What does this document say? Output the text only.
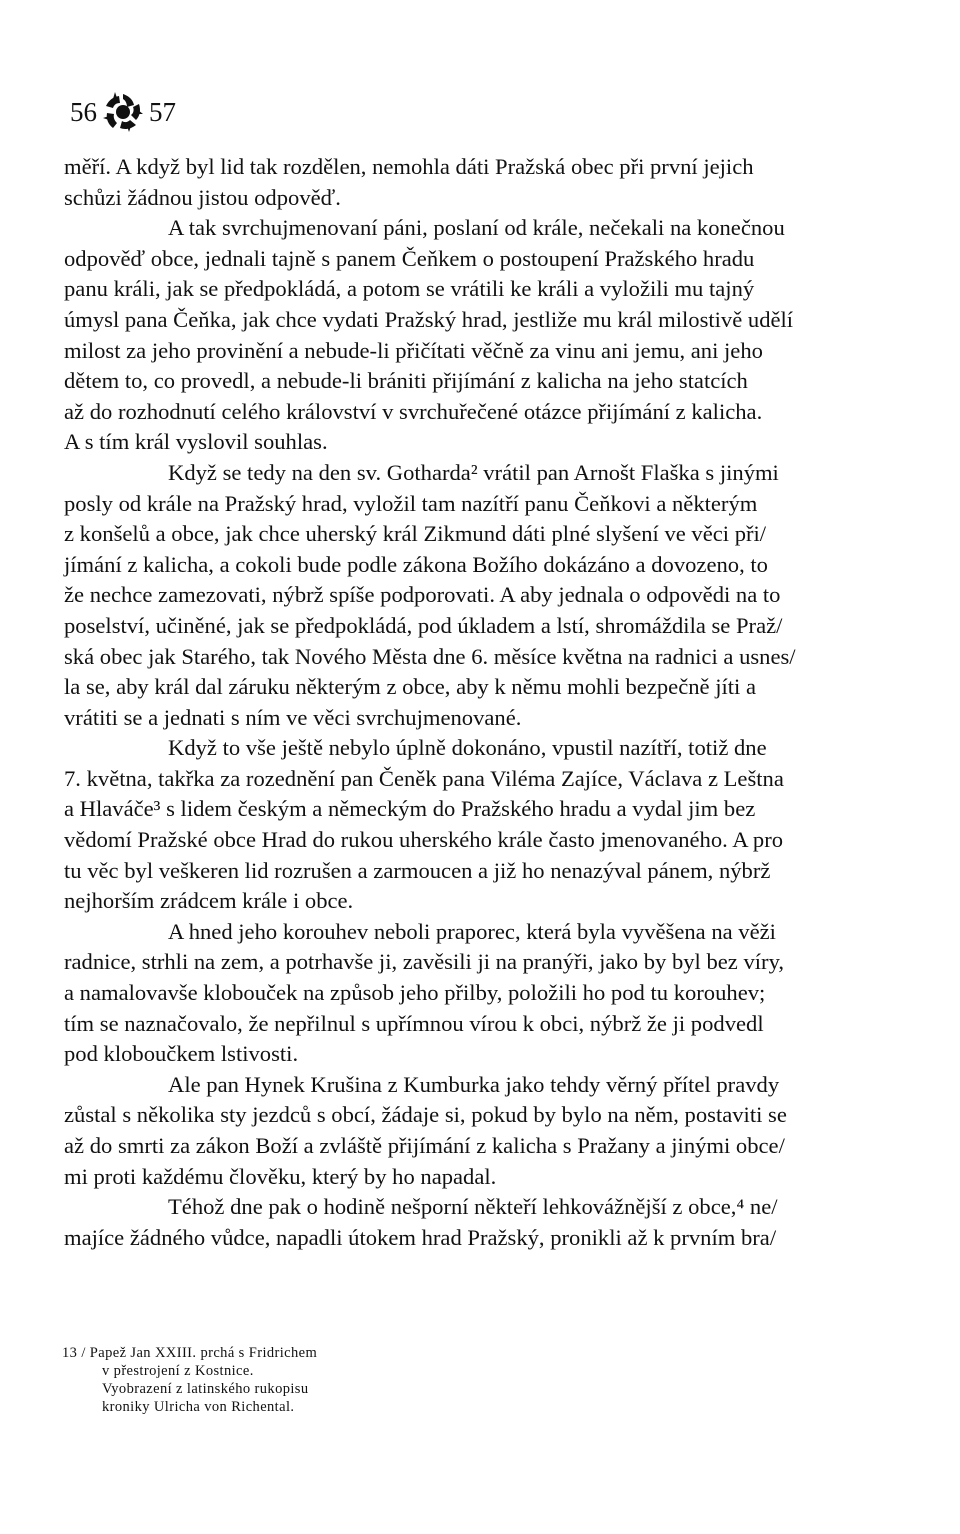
56 57
měří. A když byl lid tak rozdělen, nemohla dáti Pražská obec při první jejich
schůzi žádnou jistou odpověď.
A tak svrchujmenovaní páni, poslaní od krále, nečekali na konečnou
odpověď obce, jednali tajně s panem Čeňkem o postoupení Pražského hradu
panu králi, jak se předpokládá, a potom se vrátili ke králi a vyložili mu tajný
úmysl pana Čeňka, jak chce vydati Pražský hrad, jestliže mu král milostivě udělí
milost za jeho provinění a nebude-li přičítati věčně za vinu ani jemu, ani jeho
dětem to, co provedl, a nebude-li brániti přijímání z kalicha na jeho statcích
až do rozhodnutí celého království v svrchuřečené otázce přijímání z kalicha.
A s tím král vyslovil souhlas.
Když se tedy na den sv. Gotharda² vrátil pan Arnošt Flaška s jinými
posly od krále na Pražský hrad, vyložil tam nazítří panu Čeňkovi a některým
z konšelů a obce, jak chce uherský král Zikmund dáti plné slyšení ve věci při/
jímání z kalicha, a cokoli bude podle zákona Božího dokázáno a dovozeno, to
že nechce zamezovati, nýbrž spíše podporovati. A aby jednala o odpovědi na to
poselství, učiněné, jak se předpokládá, pod úkladem a lstí, shromáždila se Praž/
ská obec jak Starého, tak Nového Města dne 6. měsíce května na radnici a usnes/
la se, aby král dal záruku některým z obce, aby k němu mohli bezpečně jíti a
vrátiti se a jednati s ním ve věci svrchujmenované.
Když to vše ještě nebylo úplně dokonáno, vpustil nazítří, totiž dne
7. května, takřka za rozednění pan Čeněk pana Viléma Zajíce, Václava z Leštna
a Hlaváče³ s lidem českým a německým do Pražského hradu a vydal jim bez
vědomí Pražské obce Hrad do rukou uherského krále často jmenovaného. A pro
tu věc byl veškeren lid rozrušen a zarmoucen a již ho nenazýval pánem, nýbrž
nejhorším zrádcem krále i obce.
A hned jeho korouhev neboli praporec, která byla vyvěšena na věži
radnice, strhli na zem, a potrhavše ji, zavěsili ji na pranýři, jako by byl bez víry,
a namalovavše klobouček na způsob jeho přilby, položili ho pod tu korouhev;
tím se naznačovalo, že nepřilnul s upřímnou vírou k obci, nýbrž že ji podvedl
pod kloboučkem lstivosti.
Ale pan Hynek Krušina z Kumburka jako tehdy věrný přítel pravdy
zůstal s několika sty jezdců s obcí, žádaje si, pokud by bylo na něm, postaviti se
až do smrti za zákon Boží a zvláště přijímání z kalicha s Pražany a jinými obce/
mi proti každému člověku, který by ho napadal.
Téhož dne pak o hodině nešporní někteří lehkovážnější z obce,⁴ ne/
majíce žádného vůdce, napadli útokem hrad Pražský, pronikli až k prvním bra/
13 / Papež Jan XXIII. prchá s Fridrichem
v přestrojení z Kostnice.
Vyobrazení z latinského rukopisu
kroniky Ulricha von Richental.
